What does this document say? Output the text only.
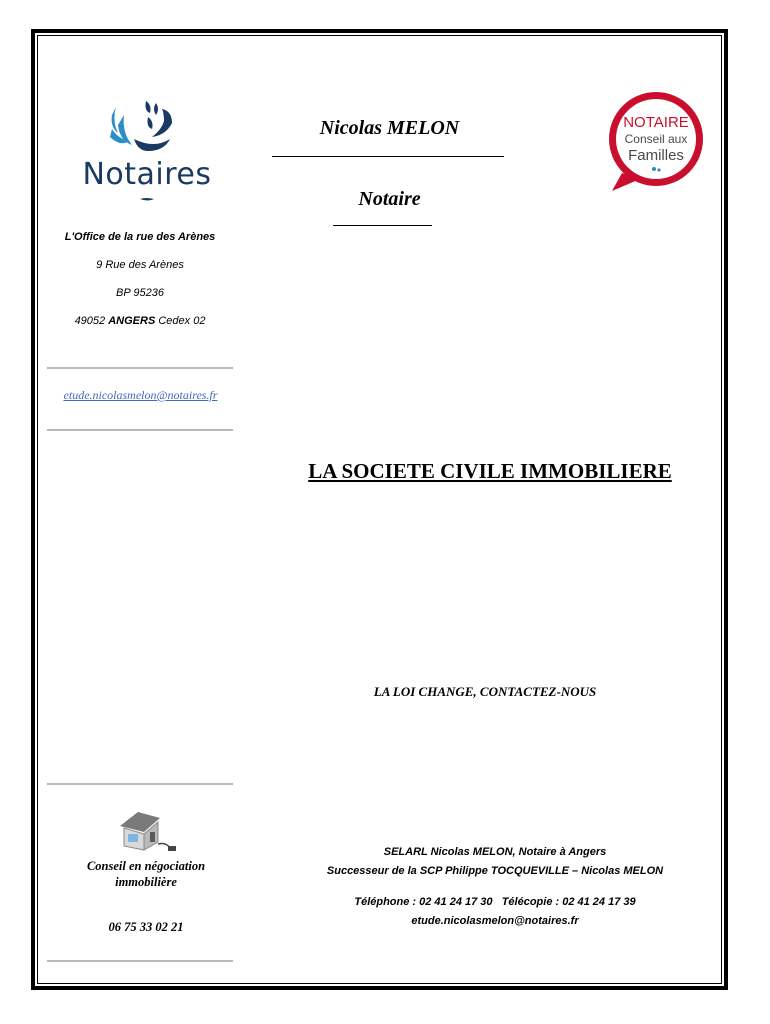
Notaires
Nicolas MELON
Notaire
NOTAIRE
Conseil aux
Familles
L'Office de la rue des Arènes
9 Rue des Arènes
BP 95236
49052 ANGERS Cedex 02
etude.nicolasmelon@notaires.fr
LA SOCIETE CIVILE IMMOBILIERE
LA LOI CHANGE, CONTACTEZ-NOUS
Conseil en négociation immobilière
06 75 33 02 21
SELARL Nicolas MELON, Notaire à Angers
Successeur de la SCP Philippe TOCQUEVILLE – Nicolas MELON
Téléphone : 02 41 24 17 30   Télécopie : 02 41 24 17 39
etude.nicolasmelon@notaires.fr
